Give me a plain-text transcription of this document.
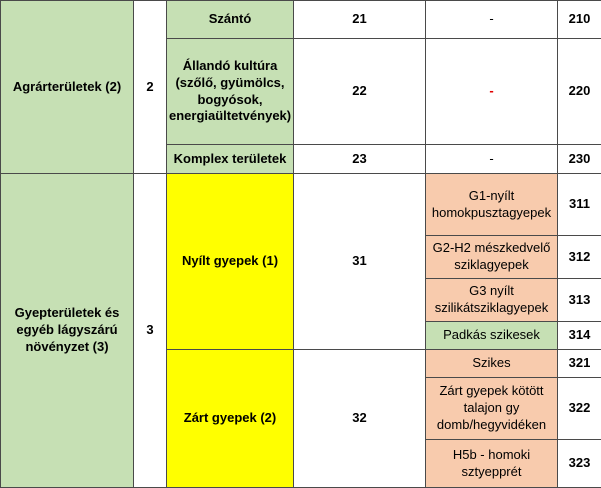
Agrárterületek (2)	2	Szántó	21	-	210
		Állandó kultúra (szőlő, gyümölcs, bogyósok, energiaültetvények)	22	-	220
		Komplex területek	23	-	230
Gyepterületek és egyéb lágyszárú növényzet (3)	3	Nyílt gyepek (1)	31	G1-nyílt homokpusztagyepek	311
				G2-H2 mészkedvelő sziklagyepek	312
				G3 nyílt szilikátsziklagyepek	313
				Padkás szikesek	314
		Zárt gyepek (2)	32	Szikes	321
				Zárt gyepek kötött talajon gy domb/hegyvidéken	322
				H5b - homoki sztyepprét	323
